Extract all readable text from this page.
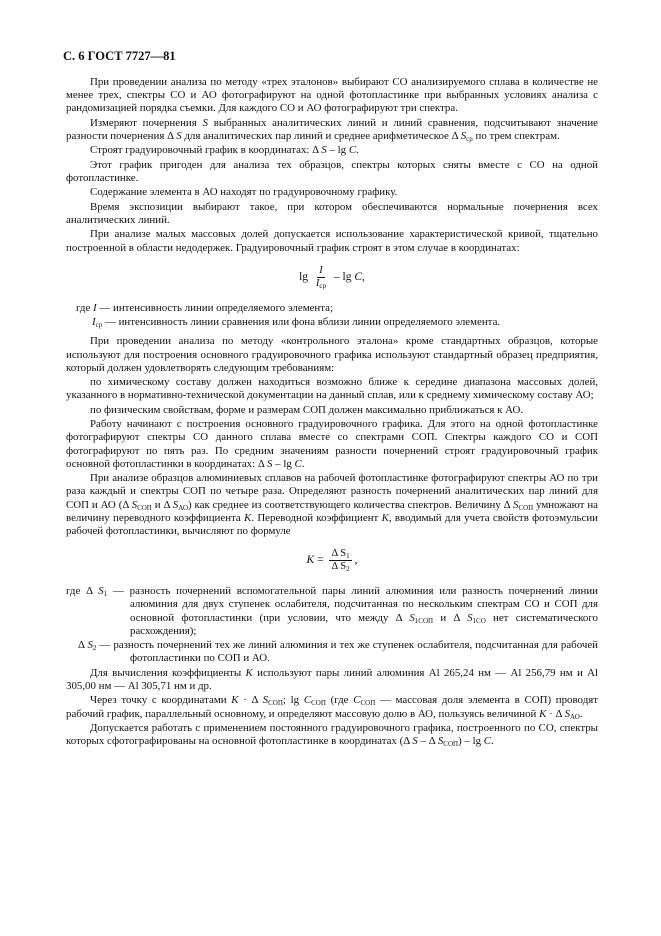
С. 6 ГОСТ 7727—81

При проведении анализа по методу «трех эталонов» выбирают СО анализируемого сплава в количестве не менее трех, спектры СО и АО фотографируют на одной фотопластинке при выбранных условиях анализа с рандомизацией порядка съемки. Для каждого СО и АО фотографируют три спектра.

Измеряют почернения S выбранных аналитических линий и линий сравнения, подсчитывают значение разности почернения Δ S для аналитических пар линий и среднее арифметическое Δ $S_{ср}$ по трем спектрам.

Строят градуировочный график в координатах: Δ S – lg C.

Этот график пригоден для анализа тех образцов, спектры которых сняты вместе с СО на одной фотопластинке.

Содержание элемента в АО находят по градуировочному графику.

Время экспозиции выбирают такое, при котором обеспечиваются нормальные почернения всех аналитических линий.

При анализе малых массовых долей допускается использование характеристической кривой, тщательно построенной в области недодержек. Градуировочный график строят в этом случае в координатах:

$\lg \frac{I}{I_{ср}}$ – lg C,

где I — интенсивность линии определяемого элемента;

$I_{ср}$ — интенсивность линии сравнения или фона вблизи линии определяемого элемента.

При проведении анализа по методу «контрольного эталона» кроме стандартных образцов, которые используют для построения основного градуировочного графика используют стандартный образец предприятия, который должен удовлетворять следующим требованиям:

по химическому составу должен находиться возможно ближе к середине диапазона массовых долей, указанного в нормативно-технической документации на данный сплав, или к среднему химическому составу АО;

по физическим свойствам, форме и размерам СОП должен максимально приближаться к АО.

Работу начинают с построения основного градуировочного графика. Для этого на одной фотопластинке фотографируют спектры СО данного сплава вместе со спектрами СОП. Спектры каждого СО и СОП фотографируют по пять раз. По средним значениям разности почернений строят градуировочный график основной фотопластинки в координатах: Δ S – lg C.

При анализе образцов алюминиевых сплавов на рабочей фотопластинке фотографируют спектры АО по три раза каждый и спектры СОП по четыре раза. Определяют разность почернений аналитических пар линий для СОП и АО (Δ $S_{СОП}$ и Δ $S_{АО}$) как среднее из соответствующего количества спектров. Величину Δ $S_{СОП}$ умножают на величину переводного коэффициента K. Переводной коэффициент K, вводимый для учета свойств фотоэмульсии рабочей фотопластинки, вычисляют по формуле

$K = \frac{\Delta S_1}{\Delta S_2}$ ,

где Δ $S_1$ — разность почернений вспомогательной пары линий алюминия или разность почернений линии алюминия для двух ступенек ослабителя, подсчитанная по нескольким спектрам СО и СОП для основной фотопластинки (при условии, что между Δ $S_{1СОП}$ и Δ $S_{1СО}$ нет систематического расхождения);

Δ $S_2$ — разность почернений тех же линий алюминия и тех же ступенек ослабителя, подсчитанная для рабочей фотопластинки по СОП и АО.

Для вычисления коэффициенты K используют пары линий алюминия Al 265,24 нм — Al 256,79 нм и Al 305,00 нм — Al 305,71 нм и др.

Через точку с координатами K · Δ $S_{СОП}$; $\lg C_{СОП}$ (где $C_{СОП}$ — массовая доля элемента в СОП) проводят рабочий график, параллельный основному, и определяют массовую долю в АО, пользуясь величиной K · Δ $S_{АО}$.

Допускается работать с применением постоянного градуировочного графика, построенного по СО, спектры которых сфотографированы на основной фотопластинке в координатах (Δ S – Δ $S_{СОП}$) – lg C.
